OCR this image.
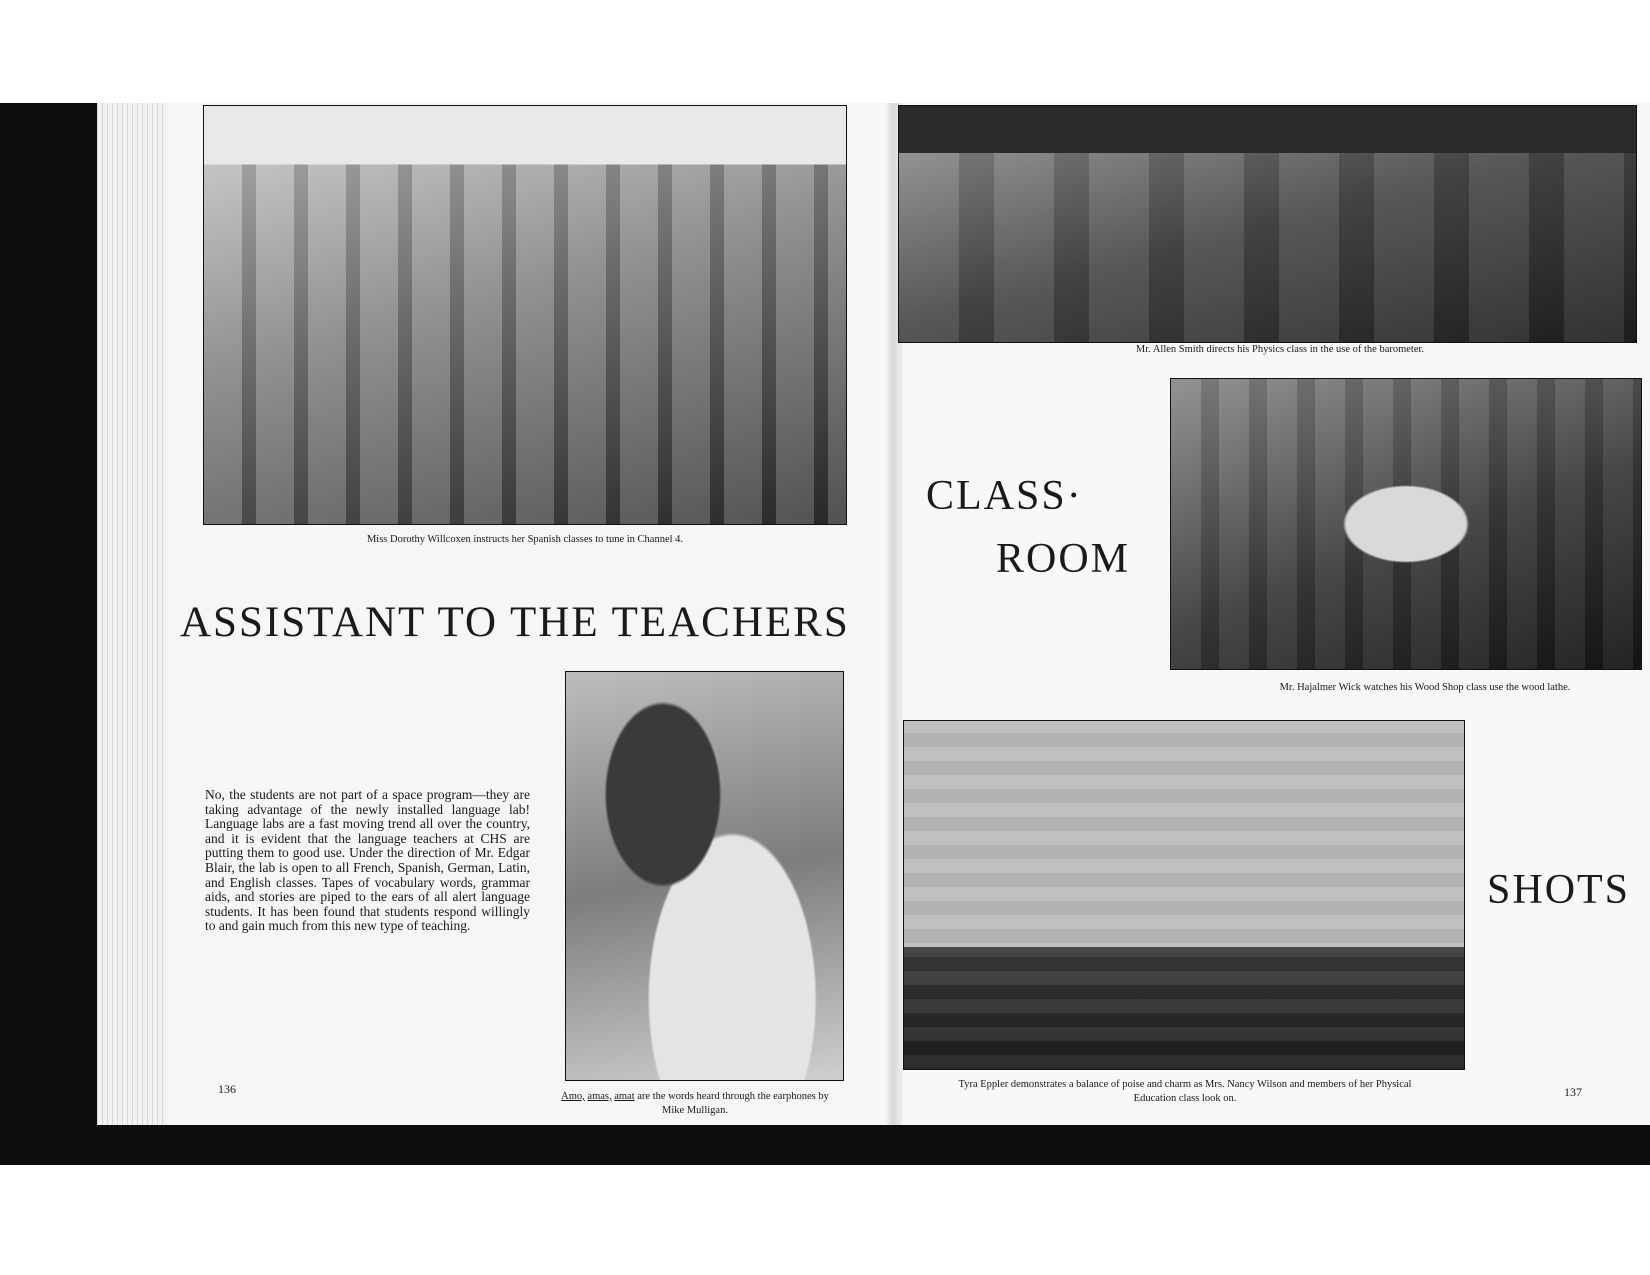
Miss Dorothy Willcoxen instructs her Spanish classes to tune in Channel 4.
ASSISTANT TO THE TEACHERS
No, the students are not part of a space program—they are taking advantage of the newly installed language lab! Language labs are a fast moving trend all over the country, and it is evident that the language teachers at CHS are putting them to good use. Under the direction of Mr. Edgar Blair, the lab is open to all French, Spanish, German, Latin, and English classes. Tapes of vocabulary words, grammar aids, and stories are piped to the ears of all alert language students. It has been found that students respond willingly to and gain much from this new type of teaching.
Amo, amas, amat are the words heard through the earphones by Mike Mulligan.
136
Mr. Allen Smith directs his Physics class in the use of the barometer.
CLASS·
ROOM
Mr. Hajalmer Wick watches his Wood Shop class use the wood lathe.
SHOTS
Tyra Eppler demonstrates a balance of poise and charm as Mrs. Nancy Wilson and members of her Physical Education class look on.	137
